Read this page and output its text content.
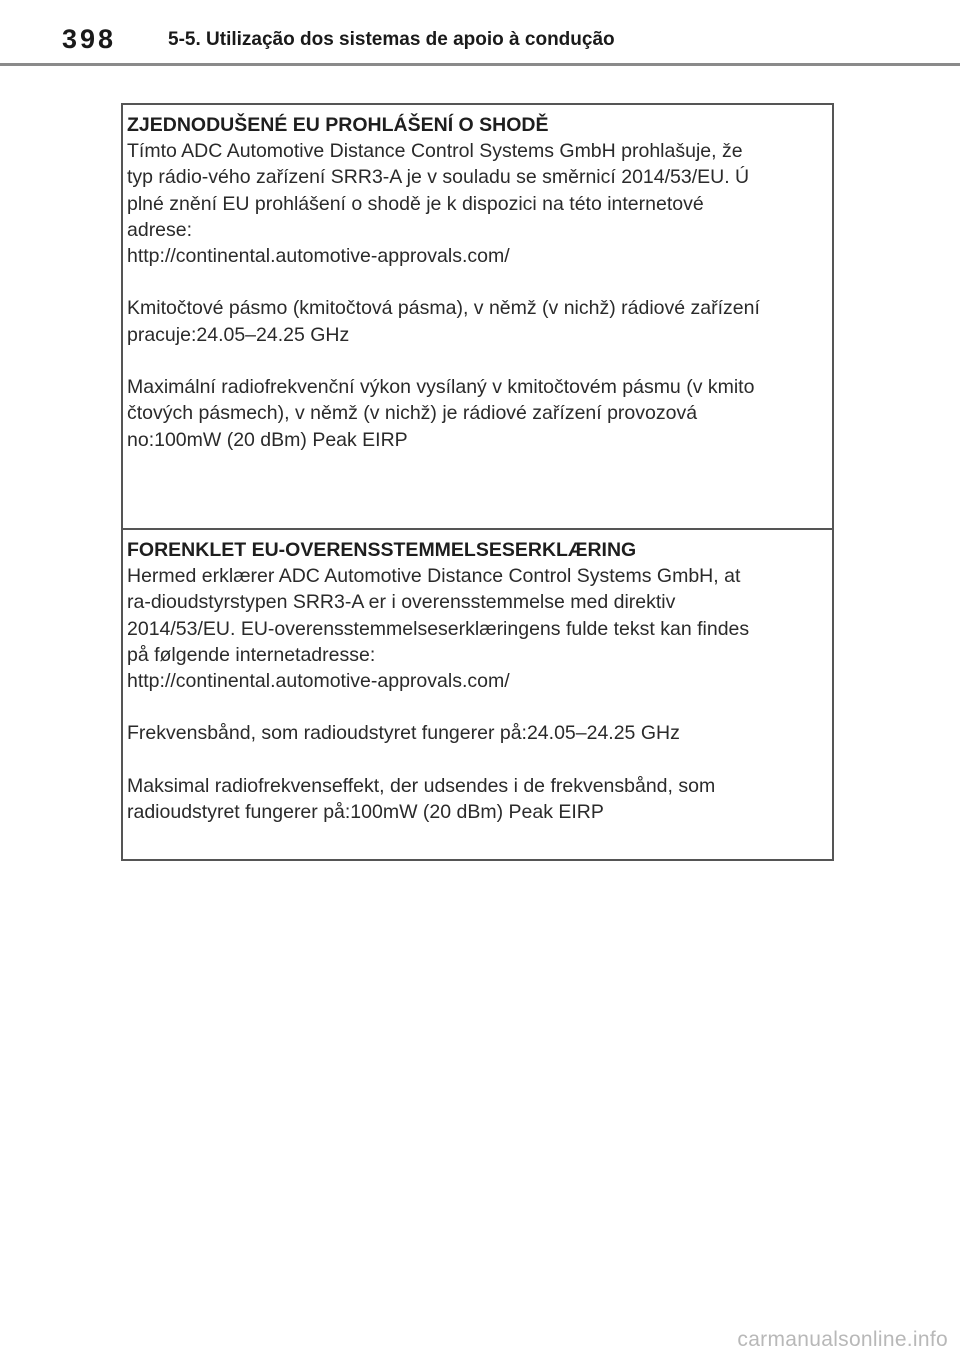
398	5-5. Utilização dos sistemas de apoio à condução
ZJEDNODUŠENÉ EU PROHLÁŠENÍ O SHODĚ

Tímto ADC Automotive Distance Control Systems GmbH prohlašuje, že

typ rádio-vého zařízení SRR3-A je v souladu se směrnicí 2014/53/EU. Ú

plné znění EU prohlášení o shodě je k dispozici na této internetové

adrese:

http://continental.automotive-approvals.com/

Kmitočtové pásmo (kmitočtová pásma), v němž (v nichž) rádiové zařízení

pracuje:24.05–24.25 GHz

Maximální radiofrekvenční výkon vysílaný v kmitočtovém pásmu (v kmito

čtových pásmech), v němž (v nichž) je rádiové zařízení provozová

no:100mW (20 dBm) Peak EIRP

FORENKLET EU-OVERENSSTEMMELSESERKLÆRING

Hermed erklærer ADC Automotive Distance Control Systems GmbH, at

ra-dioudstyrstypen SRR3-A er i overensstemmelse med direktiv

2014/53/EU. EU-overensstemmelseserklæringens fulde tekst kan findes

på følgende internetadresse:

http://continental.automotive-approvals.com/

Frekvensbånd, som radioudstyret fungerer på:24.05–24.25 GHz

Maksimal radiofrekvenseffekt, der udsendes i de frekvensbånd, som

radioudstyret fungerer på:100mW (20 dBm) Peak EIRP

carmanualsonline.info
